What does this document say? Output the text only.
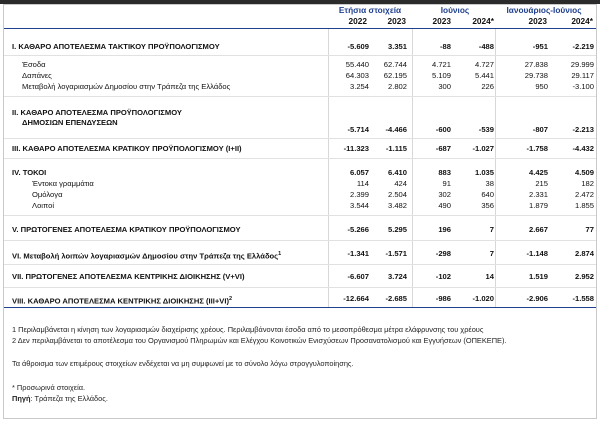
Ετήσια στοιχεία	Ιούνιος	Ιανουάριος-Ιούνιος
2022	2023	2023	2024*	2023	2024*
I. ΚΑΘΑΡΟ ΑΠΟΤΕΛΕΣΜΑ ΤΑΚΤΙΚΟΥ ΠΡΟΫΠΟΛΟΓΙΣΜΟΥ	-5.609	3.351	-88	-488	-951	-2.219
Έσοδα	55.440	62.744	4.721	4.727	27.838	29.999
Δαπάνες	64.303	62.195	5.109	5.441	29.738	29.117
Μεταβολή λογαριασμών Δημοσίου στην Τράπεζα της Ελλάδος	3.254	2.802	300	226	950	-3.100
II. ΚΑΘΑΡΟ ΑΠΟΤΕΛΕΣΜΑ ΠΡΟΫΠΟΛΟΓΙΣΜΟΥ
ΔΗΜΟΣΙΩΝ ΕΠΕΝΔΥΣΕΩΝ
-5.714	-4.466	-600	-539	-807	-2.213
III. ΚΑΘΑΡΟ ΑΠΟΤΕΛΕΣΜΑ ΚΡΑΤΙΚΟΥ ΠΡΟΫΠΟΛΟΓΙΣΜΟΥ (I+II)	-11.323	-1.115	-687	-1.027	-1.758	-4.432
IV. ΤΟΚΟΙ	6.057	6.410	883	1.035	4.425	4.509
Έντοκα γραμμάτια	114	424	91	38	215	182
Ομόλογα	2.399	2.504	302	640	2.331	2.472
Λοιποί	3.544	3.482	490	356	1.879	1.855
V. ΠΡΩΤΟΓΕΝΕΣ ΑΠΟΤΕΛΕΣΜΑ ΚΡΑΤΙΚΟΥ ΠΡΟΫΠΟΛΟΓΙΣΜΟΥ	-5.266	5.295	196	7	2.667	77
VI. Μεταβολή λοιπών λογαριασμών Δημοσίου στην Τράπεζα της Ελλάδος$^1$	-1.341	-1.571	-298	7	-1.148	2.874
VII. ΠΡΩΤΟΓΕΝΕΣ ΑΠΟΤΕΛΕΣΜΑ ΚΕΝΤΡΙΚΗΣ ΔΙΟΙΚΗΣΗΣ (V+VI)	-6.607	3.724	-102	14	1.519	2.952
VIII. ΚΑΘΑΡΟ ΑΠΟΤΕΛΕΣΜΑ ΚΕΝΤΡΙΚΗΣ ΔΙΟΙΚΗΣΗΣ $(III+VI)^2$	-12.664	-2.685	-986	-1.020	-2.906	-1.558
1 Περιλαμβάνεται η κίνηση των λογαριασμών διαχείρισης χρέους. Περιλαμβάνονται έσοδα από το μεσοπρόθεσμα μέτρα ελάφρυνσης του χρέους
2 Δεν περιλαμβάνεται το αποτέλεσμα του Οργανισμού Πληρωμών και Ελέγχου Κοινοτικών Ενισχύσεων Προσανατολισμού και Εγγυήσεων (ΟΠΕΚΕΠΕ).
Τα άθροισμα των επιμέρους στοιχείων ενδέχεται να μη συμφωνεί με το σύνολο λόγω στρογγυλοποίησης.
* Προσωρινά στοιχεία.
Πηγή: Τράπεζα της Ελλάδος.
